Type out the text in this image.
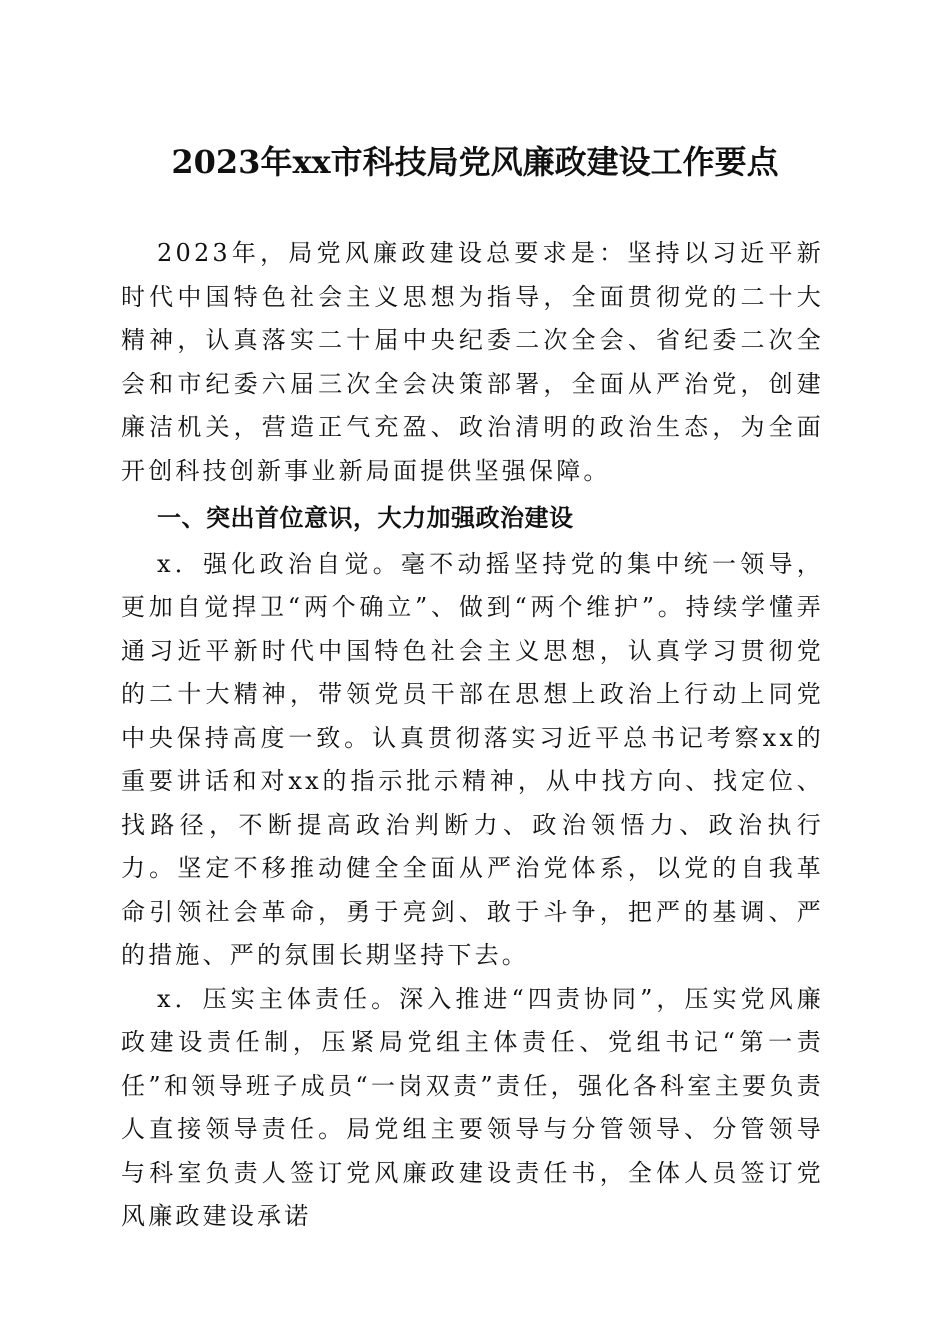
2023年xx市科技局党风廉政建设工作要点

2023年，局党风廉政建设总要求是：坚持以习近平新时代中国特色社会主义思想为指导，全面贯彻党的二十大精神，认真落实二十届中央纪委二次全会、省纪委二次全会和市纪委六届三次全会决策部署，全面从严治党，创建廉洁机关，营造正气充盈、政治清明的政治生态，为全面开创科技创新事业新局面提供坚强保障。

一、突出首位意识，大力加强政治建设

x．强化政治自觉。毫不动摇坚持党的集中统一领导，更加自觉捍卫“两个确立”、做到“两个维护”。持续学懂弄通习近平新时代中国特色社会主义思想，认真学习贯彻党的二十大精神，带领党员干部在思想上政治上行动上同党中央保持高度一致。认真贯彻落实习近平总书记考察xx的重要讲话和对xx的指示批示精神，从中找方向、找定位、找路径，不断提高政治判断力、政治领悟力、政治执行力。坚定不移推动健全全面从严治党体系，以党的自我革命引领社会革命，勇于亮剑、敢于斗争，把严的基调、严的措施、严的氛围长期坚持下去。

x．压实主体责任。深入推进“四责协同”，压实党风廉政建设责任制，压紧局党组主体责任、党组书记“第一责任”和领导班子成员“一岗双责”责任，强化各科室主要负责人直接领导责任。局党组主要领导与分管领导、分管领导与科室负责人签订党风廉政建设责任书，全体人员签订党风廉政建设承诺
